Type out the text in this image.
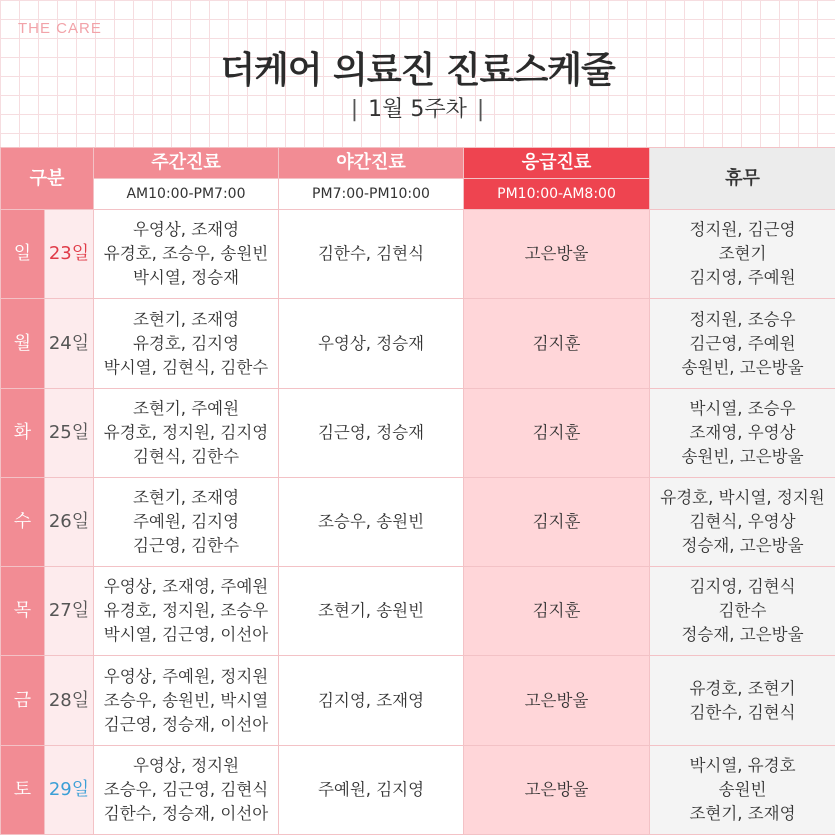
THE CARE
더케어 의료진 진료스케줄
| 1월 5주차 |
구분		주간진료	야간진료	응급진료	휴무
		AM10:00-PM7:00	PM7:00-PM10:00	PM10:00-AM8:00	
일	23일	우영상, 조재영
유경호, 조승우, 송원빈
박시열, 정승재	김한수, 김현식	고은방울	정지원, 김근영
조현기
김지영, 주예원

월	24일	조현기, 조재영
유경호, 김지영
박시열, 김현식, 김한수	우영상, 정승재	김지훈	정지원, 조승우
김근영, 주예원
송원빈, 고은방울

화	25일	조현기, 주예원
유경호, 정지원, 김지영
김현식, 김한수	김근영, 정승재	김지훈	박시열, 조승우
조재영, 우영상
송원빈, 고은방울

수	26일	조현기, 조재영
주예원, 김지영
김근영, 김한수	조승우, 송원빈	김지훈	유경호, 박시열, 정지원
김현식, 우영상
정승재, 고은방울

목	27일	우영상, 조재영, 주예원
유경호, 정지원, 조승우
박시열, 김근영, 이선아	조현기, 송원빈	김지훈	김지영, 김현식
김한수
정승재, 고은방울

금	28일	우영상, 주예원, 정지원
조승우, 송원빈, 박시열
김근영, 정승재, 이선아	김지영, 조재영	고은방울	유경호, 조현기
김한수, 김현식

토	29일	우영상, 정지원
조승우, 김근영, 김현식
김한수, 정승재, 이선아	주예원, 김지영	고은방울	박시열, 유경호
송원빈
조현기, 조재영
